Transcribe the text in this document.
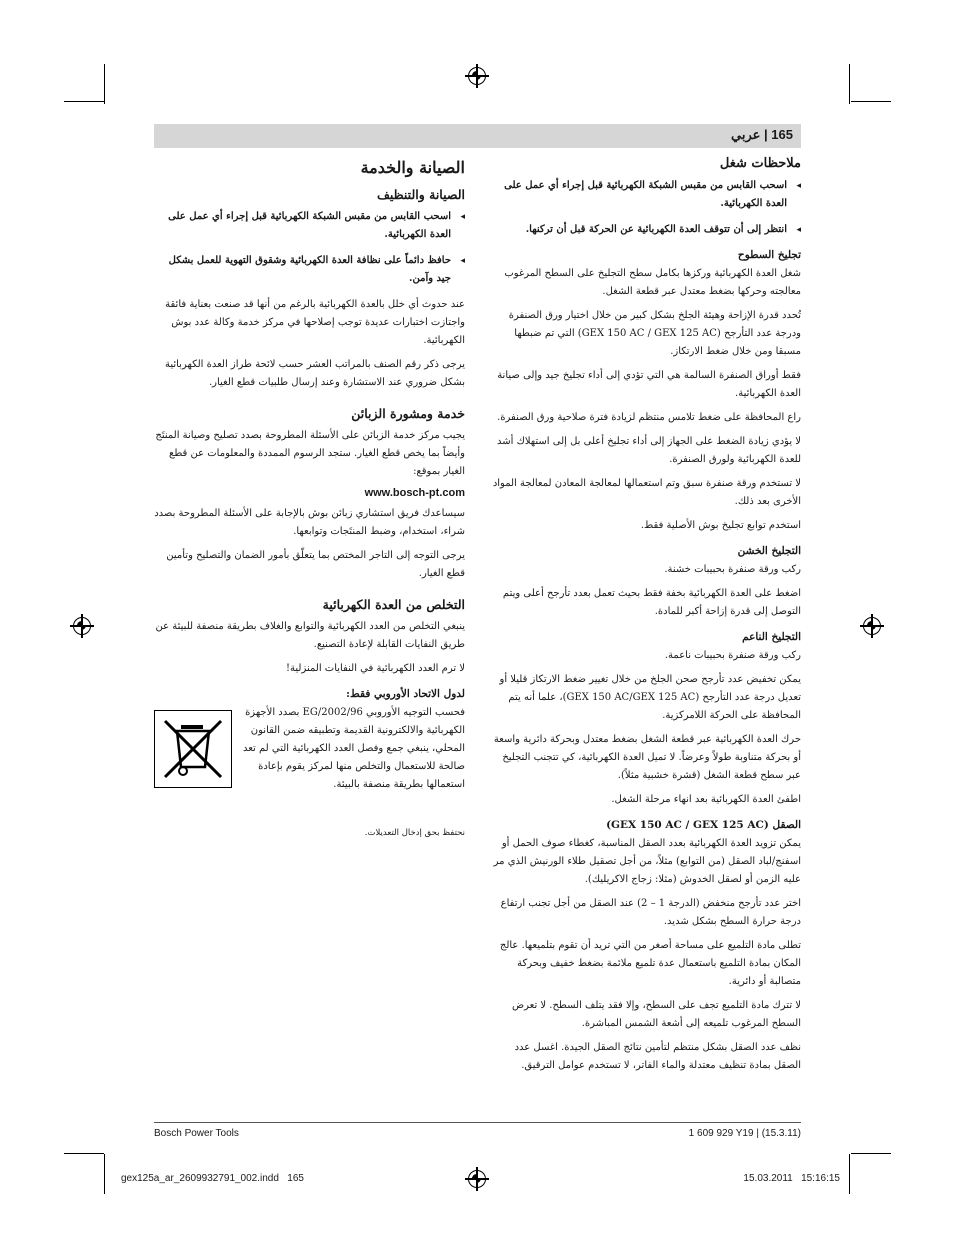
165 | عربي
ملاحظات شغل
◂ اسحب القابس من مقبس الشبكة الكهربائية قبل إجراء أي عمل على العدة الكهربائية.
◂ انتظر إلى أن تتوقف العدة الكهربائية عن الحركة قبل أن تركنها.
تجليخ السطوح
شغل العدة الكهربائية وركزها بكامل سطح التجليخ على السطح المرغوب معالجته وحركها بضغط معتدل عبر قطعة الشغل.
تُحدد قدرة الإزاحة وهيئة الجلخ بشكل كبير من خلال اختيار ورق الصنفرة ودرجة عدد التأرجح (GEX 150 AC / GEX 125 AC) التي تم ضبطها مسبقا ومن خلال ضغط الارتكاز.
فقط أوراق الصنفرة السالمة هي التي تؤدي إلى أداء تجليخ جيد وإلى صيانة العدة الكهربائية.
راع المحافظة على ضغط تلامس منتظم لزيادة فترة صلاحية ورق الصنفرة.
لا يؤدي زيادة الضغط على الجهاز إلى أداء تجليخ أعلى بل إلى استهلاك أشد للعدة الكهربائية ولورق الصنفرة.
لا تستخدم ورقة صنفرة سبق وتم استعمالها لمعالجة المعادن لمعالجة المواد الأخرى بعد ذلك.
استخدم توابع تجليخ بوش الأصلية فقط.
التجليخ الخشن
ركب ورقة صنفرة بحبيبات خشنة.
اضغط على العدة الكهربائية بخفة فقط بحيث تعمل بعدد تأرجح أعلى ويتم التوصل إلى قدرة إزاحة أكبر للمادة.
التجليخ الناعم
ركب ورقة صنفرة بحبيبات ناعمة.
يمكن تخفيض عدد تأرجح صحن الجلخ من خلال تغيير ضغط الارتكاز قليلا أو تعديل درجة عدد التأرجح (GEX 150 AC/GEX 125 AC)، علما أنه يتم المحافظة على الحركة اللامركزية.
حرك العدة الكهربائية عبر قطعة الشغل بضغط معتدل وبحركة دائرية واسعة أو بحركة متناوبة طولاً وعرضاً. لا تميل العدة الكهربائية، كي تتجنب التجليخ عبر سطح قطعة الشغل (قشرة خشبية مثلاً).
اطفئ العدة الكهربائية بعد انهاء مرحلة الشغل.
الصقل (GEX 150 AC / GEX 125 AC)
يمكن تزويد العدة الكهربائية بعدد الصقل المناسبة، كغطاء صوف الحمل أو اسفنج/لباد الصقل (من التوابع) مثلاً، من أجل تصقيل طلاء الورنيش الذي مر عليه الزمن أو لصقل الخدوش (مثلا: زجاج الاكريليك).
اختر عدد تأرجح منخفض (الدرجة 1 – 2) عند الصقل من أجل تجنب ارتفاع درجة حرارة السطح بشكل شديد.
تطلى مادة التلميع على مساحة أصغر من التي تريد أن تقوم بتلميعها. عالج المكان بمادة التلميع باستعمال عدة تلميع ملائمة بضغط خفيف وبحركة متصالبة أو دائرية.
لا تترك مادة التلميع تجف على السطح، وإلا فقد يتلف السطح. لا تعرض السطح المرغوب تلميعه إلى أشعة الشمس المباشرة.
نظف عدد الصقل بشكل منتظم لتأمين نتائج الصقل الجيدة. اغسل عدد الصقل بمادة تنظيف معتدلة والماء الفاتر، لا تستخدم عوامل الترقيق.
الصيانة والخدمة
الصيانة والتنظيف
◂ اسحب القابس من مقبس الشبكة الكهربائية قبل إجراء أي عمل على العدة الكهربائية.
◂ حافظ دائماً على نظافة العدة الكهربائية وشقوق التهوية للعمل بشكل جيد وآمن.
عند حدوث أي خلل بالعدة الكهربائية بالرغم من أنها قد صنعت بعناية فائقة واجتازت اختبارات عديدة توجب إصلاحها في مركز خدمة وكالة عدد بوش الكهربائية.
يرجى ذكر رقم الصنف بالمراتب العشر حسب لائحة طراز العدة الكهربائية بشكل ضروري عند الاستشارة وعند إرسال طلبيات قطع الغيار.
خدمة ومشورة الزبائن
يجيب مركز خدمة الزبائن على الأسئلة المطروحة بصدد تصليح وصيانة المنتَج وأيضاً بما يخص قطع الغيار. ستجد الرسوم الممددة والمعلومات عن قطع الغيار بموقع:
www.bosch-pt.com
سيساعدك فريق استشاري زبائن بوش بالإجابة على الأسئلة المطروحة بصدد شراء، استخدام، وضبط المنتَجات وتوابعها.
يرجى التوجه إلى التاجر المختص بما يتعلّق بأمور الضمان والتصليح وتأمين قطع الغيار.
التخلص من العدة الكهربائية
ينبغي التخلص من العدد الكهربائية والتوابع والغلاف بطريقة منصفة للبيئة عن طريق النفايات القابلة لإعادة التصنيع.
لا ترم العدد الكهربائية في النفايات المنزلية!
لدول الاتحاد الأوروبي فقط:
فحسب التوجيه الأوروبي 2002/96/EG بصدد الأجهزة الكهربائية والالكترونية القديمة وتطبيقه ضمن القانون المحلي، ينبغي جمع وفصل العدد الكهربائية التي لم تعد صالحة للاستعمال والتخلص منها لمركز يقوم بإعادة استعمالها بطريقة منصفة بالبيئة.
نحتفظ بحق إدخال التعديلات.
Bosch Power Tools	1 609 929 Y19 | (15.3.11)
gex125a_ar_2609932791_002.indd   165	15.03.2011   15:16:15
